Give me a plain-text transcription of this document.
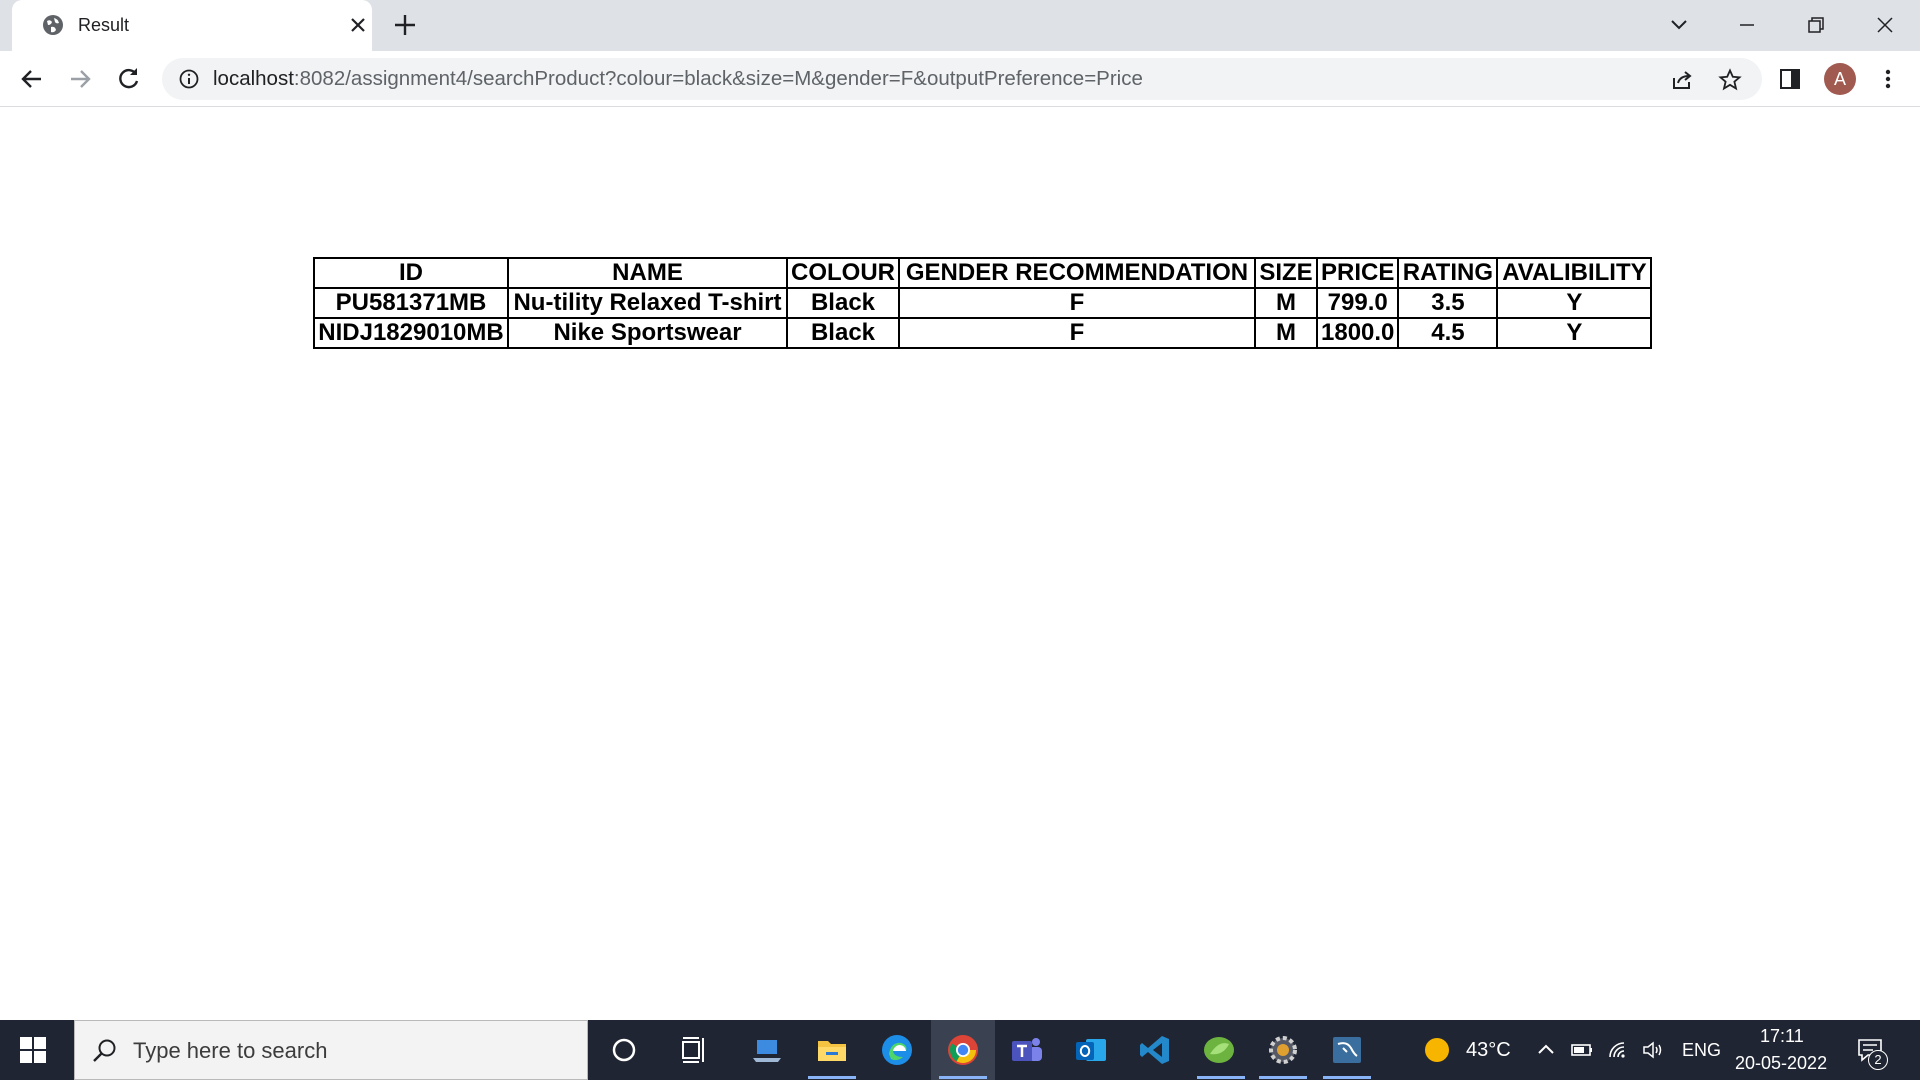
Result
localhost:8082/assignment4/searchProduct?colour=black&size=M&gender=F&outputPreference=Price	A
ID	NAME	COLOUR	GENDER RECOMMENDATION	SIZE	PRICE	RATING	AVALIBILITY
PU581371MB	Nu-tility Relaxed T-shirt	Black	F	M	799.0	3.5	Y
NIDJ1829010MB	Nike Sportswear	Black	F	M	1800.0	4.5	Y
Type here to search	43°C	ENG
17:11
20-05-2022	2
